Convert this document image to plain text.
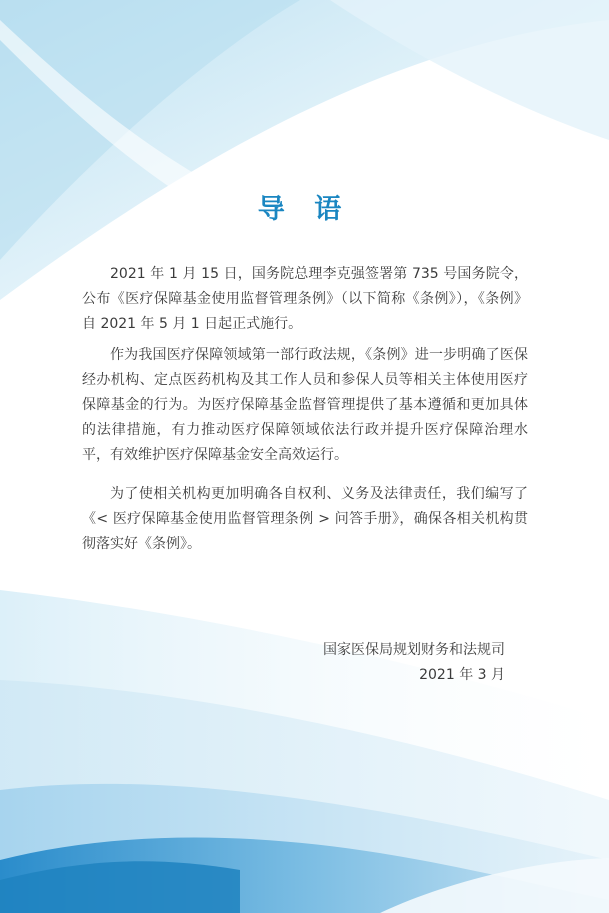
导 语

2021 年 1 月 15 日，国务院总理李克强签署第 735 号国务院令，公布《医疗保障基金使用监督管理条例》（以下简称《条例》），《条例》自 2021 年 5 月 1 日起正式施行。

作为我国医疗保障领域第一部行政法规，《条例》进一步明确了医保经办机构、定点医药机构及其工作人员和参保人员等相关主体使用医疗保障基金的行为。为医疗保障基金监督管理提供了基本遵循和更加具体的法律措施，有力推动医疗保障领域依法行政并提升医疗保障治理水平，有效维护医疗保障基金安全高效运行。

为了使相关机构更加明确各自权利、义务及法律责任，我们编写了《< 医疗保障基金使用监督管理条例 > 问答手册》，确保各相关机构贯彻落实好《条例》。

国家医保局规划财务和法规司
2021 年 3 月
